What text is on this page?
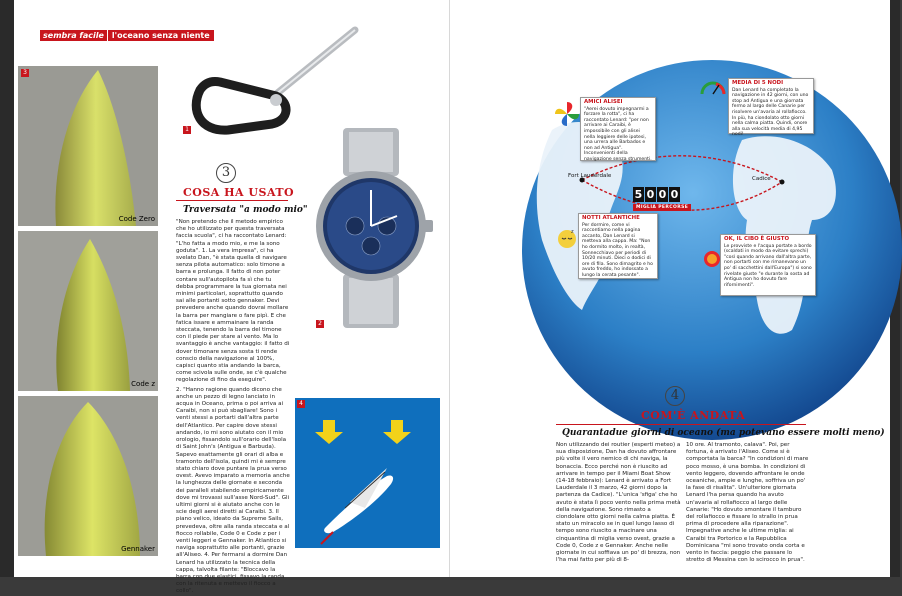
sembra facile	l'oceano senza niente
3
Code Zero
Code z
Gennaker
1
2
3
COSA HA USATO
Traversata "a modo mio"

"Non pretendo che il metodo empirico che ho utilizzato per questa traversata faccia scuola", ci ha raccontato Lenard: "L'ho fatta a modo mio, e me la sono goduta". 1. La vera impresa", ci ha svelato Dan, "è stata quella di navigare senza pilota automatico: solo timone a barra e prolunga. Il fatto di non poter contare sull'autopilota fa sì che tu debba programmare la tua giornata nei minimi particolari, soprattutto quando sai alle portanti sotto gennaker. Devi prevedere anche quando dovrai mollare la barra per mangiare o fare pipì. E che fatica issare e ammainare la randa steccata, tenendo la barra del timone con il piede per stare al vento. Ma lo svantaggio è anche vantaggio: il fatto di dover timonare senza sosta ti rende conscio della navigazione al 100%, capisci quanto stia andando la barca, come scivola sulle onde, se c'è qualche regolazione di fino da eseguire".

2. "Hanno ragione quando dicono che anche un pezzo di legno lanciato in acqua in Oceano, prima o poi arriva ai Caraibi, non si può sbagliare! Sono i venti stessi a portarti dall'altra parte dell'Atlantico. Per capire dove stessi andando, io mi sono aiutato con il mio orologio, fissandolo sull'orario dell'Isola di Saint John's (Antigua e Barbuda). Sapevo esattamente gli orari di alba e tramonto dell'isola, quindi mi è sempre stato chiaro dove puntare la prua verso ovest. Avevo imparato a memoria anche la lunghezza delle giornate e seconda dei paralleli stabilendo empiricamente dove mi trovassi sull'asse Nord-Sud". Gli ultimi giorni si è aiutato anche con le scie degli aerei diretti ai Caraibi. 3. Il piano velico, ideato da Supreme Sails, prevedeva, oltre alla randa steccata e al fiocco rollabile, Code 0 e Code z per i venti leggeri e Gennaker. In Atlantico si naviga soprattutto alle portanti, grazie all'Aliseo. 4. Per fermarsi a dormire Dan Lenard ha utilizzato la tecnica della cappa, talvolta filante: "Bloccavo la barra con due elastici, fissavo la randa con la ritenuta e mettevo il fiocco a collo".

4
Fort Lauderdale	Cadice
5 0 0 0
MIGLIA PERCORSE
AMICI ALISEI
"Aerei dovuto impegnarmi a forzare la rotta", ci ha raccontato Lenard: "per non arrivare ai Caraibi, è impossibile con gli alisei nella leggiere delle ipotesi, una urrera alle Barbados e non ad Antigua". Inconvenienti della navigazione senza strumenti.
MEDIA DI 5 NODI
Dan Lenard ha completato la navigazione in 42 giorni, con uno stop ad Antigua e una giornata fermo al largo delle Canarie per risolvere un'avaria al rollafiocco. In più, ha ciondolato otto giorni nella calma piatta. Quindi, onore alla sua velocità media di 4,95 nodi!
z
NOTTI ATLANTICHE
Per dormire, come vi raccontiamo nella pagina accanto, Dan Lenard si metteva alla cappa. Ma: "Non ho dormito molto, in realtà, Sonnecchiavo per periodi di 10/20 minuti. Dieci o dodici di ore di fila. Sono dimagrito e ho avuto freddo, ho indossato a lungo la cerata pesante".
OK, IL CIBO È GIUSTO
Le provviste e l'acqua portate a bordo (scaldati in modo da evitare sprechi) "così quando arrivano dall'altra parte, non portarti con me rimanevano un po' di sacchettini dall'Europa") si sono rivelate giuste "e durante la sosta ad Antigua non ho dovuto fare rifornimenti".
4
COM'È ANDATA
Quarantadue giorni di oceano (ma potevano essere molti meno)
Non utilizzando dei routier (esperti meteo) a sua disposizione, Dan ha dovuto affrontare più volte il vero nemico di chi naviga, la bonaccia. Ecco perché non è riuscito ad arrivare in tempo per il Miami Boat Show (14-18 febbraio): Lenard è arrivato a Fort Lauderdale il 3 marzo, 42 giorni dopo la partenza da Cadice). "L'unica 'sfiga' che ho avuto è stata lì poco vento nella prima metà della navigazione. Sono rimasto a ciondolare otto giorni nella calma piatta. È stato un miracolo se in quel lungo lasso di tempo sono riuscito a macinare una cinquantina di miglia verso ovest, grazie a Code 0, Code z e Gennaker. Anche nelle giornate in cui soffiava un po' di brezza, non l'ha mai fatto per più di 8-
10 ore. Al tramonto, calava". Poi, per fortuna, è arrivato l'Aliseo. Come si è comportata la barca? "In condizioni di mare poco mosso, è una bomba. In condizioni di vento leggero, dovendo affrontare le onde oceaniche, ampie e lunghe, soffriva un po' la fase di risalita". Un'ulteriore giornata Lenard l'ha persa quando ha avuto un'avaria al rollafiocco al largo delle Canarie: "Ho dovuto smontare il tamburo del rollafiocco e fissare lo strallo in prua prima di procedere alla riparazione". Impegnative anche le ultime miglia: ai Caraibi tra Portorico e la Repubblica Dominicana "mi sono trovato onda corta e vento in faccia: peggio che passare lo stretto di Messina con lo scirocco in prua".
